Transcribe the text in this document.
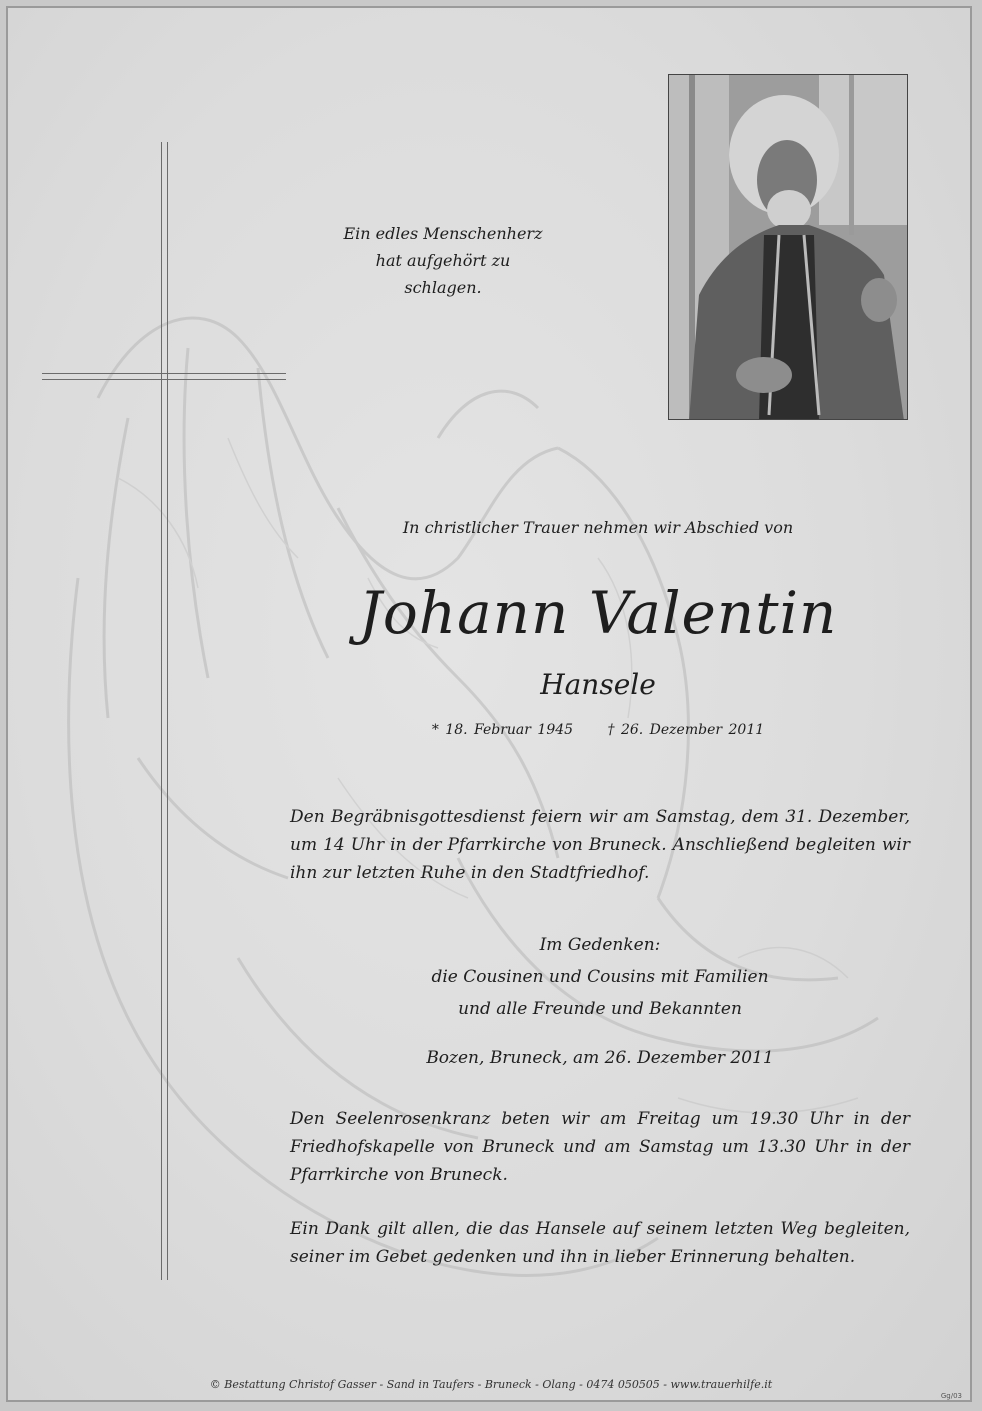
Ein edles Menschenherz
hat aufgehört zu schlagen.
In christlicher Trauer nehmen wir Abschied von
Johann Valentin
Hansele
* 18. Februar 1945 † 26. Dezember 2011
Den Begräbnisgottesdienst feiern wir am Samstag, dem 31. Dezember, um 14 Uhr in der Pfarrkirche von Bruneck. Anschließend begleiten wir ihn zur letzten Ruhe in den Stadtfriedhof.
Im Gedenken:
die Cousinen und Cousins mit Familien
und alle Freunde und Bekannten
Bozen, Bruneck, am 26. Dezember 2011
Den Seelenrosenkranz beten wir am Freitag um 19.30 Uhr in der Friedhofskapelle von Bruneck und am Samstag um 13.30 Uhr in der Pfarrkirche von Bruneck.
Ein Dank gilt allen, die das Hansele auf seinem letzten Weg begleiten, seiner im Gebet gedenken und ihn in lieber Erinnerung behalten.
© Bestattung Christof Gasser - Sand in Taufers - Bruneck - Olang - 0474 050505 - www.trauerhilfe.it
Gg/03
